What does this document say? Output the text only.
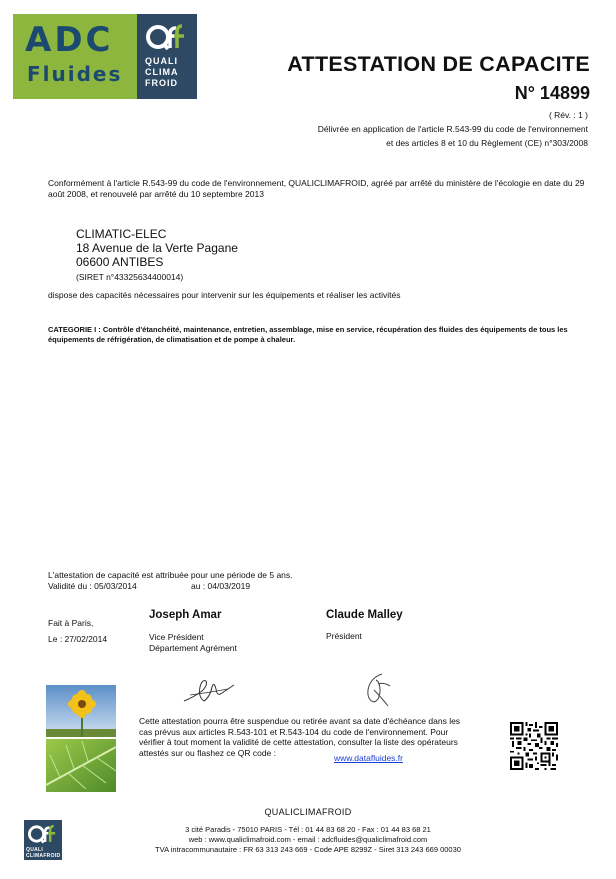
ADC
Fluides
QUALI
CLIMA
FROID
ATTESTATION DE CAPACITE
N° 14899
( Rév. : 1 )
Délivrée en application de l'article R.543-99 du code de l'environnement
et des articles 8 et 10 du Règlement (CE) n°303/2008
Conformément à l'article R.543-99 du code de l'environnement, QUALICLIMAFROID, agréé par arrêté du ministère de l'écologie en date du 29 août 2008, et renouvelé par arrêté du 10 septembre 2013
CLIMATIC-ELEC
18 Avenue de la Verte Pagane
06600 ANTIBES
(SIRET n°43325634400014)
dispose des capacités nécessaires pour intervenir sur les équipements et réaliser les activités
CATEGORIE I : Contrôle d'étanchéité, maintenance, entretien, assemblage, mise en service, récupération des fluides des équipements de tous les équipements de réfrigération, de climatisation et de pompe à chaleur.
L'attestation de capacité est attribuée pour une période de 5 ans.
Validité du : 05/03/2014	au : 04/03/2019
Fait à Paris,
Le : 27/02/2014
Joseph Amar
Vice Président
Département Agrément
Claude Malley
Président
Cette attestation pourra être suspendue ou retirée avant sa date d'échéance dans les cas prévus aux articles R.543-101 et R.543-104 du code de l'environnement. Pour vérifier à tout moment la validité de cette attestation, consulter la liste des opérateurs attestés sur ou flashez ce QR code :
www.datafluides.fr
QUALI
CLIMAFROID
QUALICLIMAFROID
3 cité Paradis - 75010 PARIS - Tél : 01 44 83 68 20 - Fax : 01 44 83 68 21
web : www.qualiclimafroid.com - email : adcfluides@qualiclimafroid.com
TVA intracommunautaire : FR 63 313 243 669 - Code APE 8299Z - Siret 313 243 669 00030
